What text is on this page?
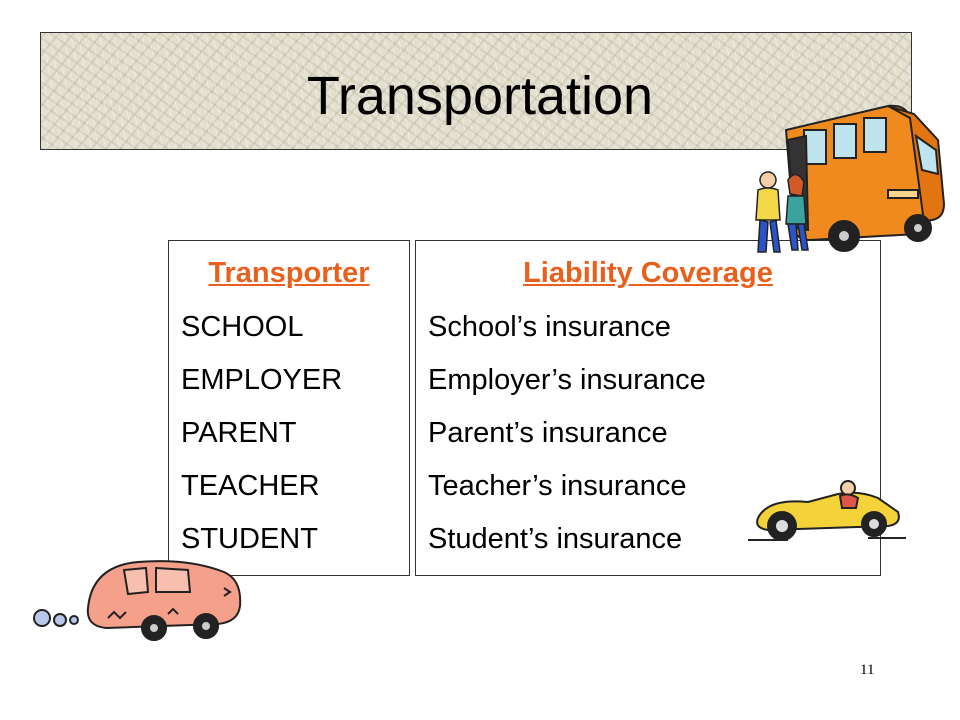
Transportation
Transporter
SCHOOL
EMPLOYER
PARENT
TEACHER
STUDENT
Liability Coverage
School’s insurance
Employer’s insurance
Parent’s insurance
Teacher’s insurance
Student’s insurance
11
